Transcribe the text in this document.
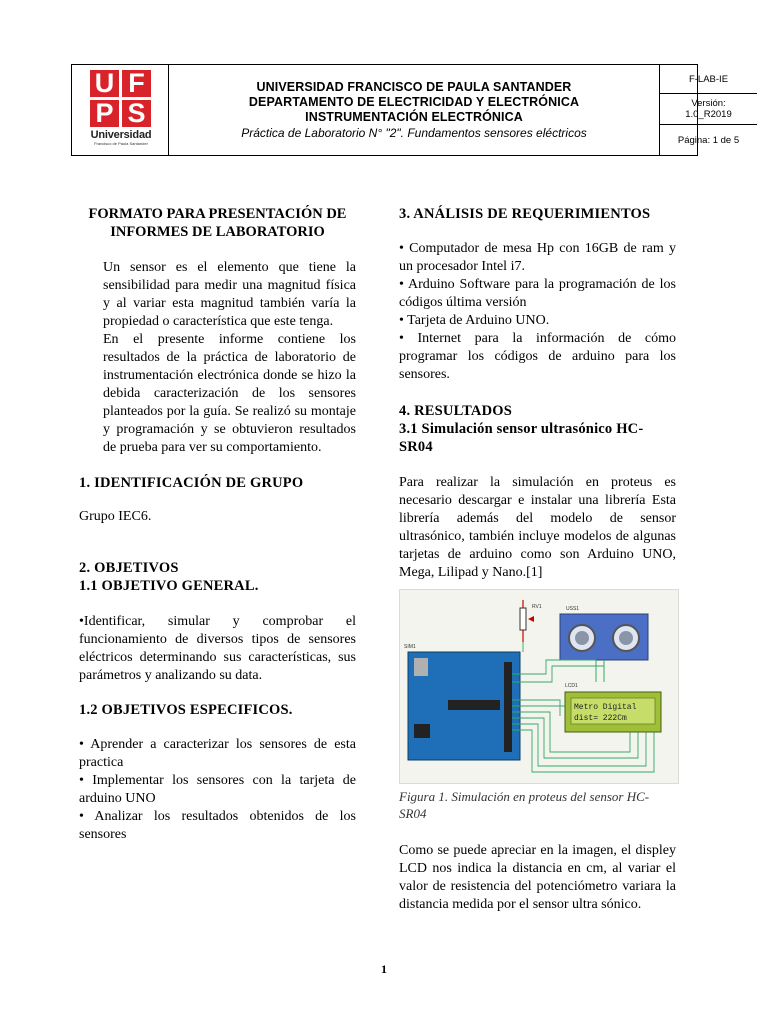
U F
P S
Universidad
Francisco de Paula Santander
UNIVERSIDAD FRANCISCO DE PAULA SANTANDER
DEPARTAMENTO DE ELECTRICIDAD Y ELECTRÓNICA
INSTRUMENTACIÓN ELECTRÓNICA
Práctica de Laboratorio N° "2". Fundamentos sensores eléctricos
F-LAB-IE
Versión:
1.0_R2019
Página: 1 de 5
FORMATO PARA PRESENTACIÓN DE
INFORMES DE LABORATORIO

Un sensor es el elemento que tiene la sensibilidad para medir una magnitud física y al variar esta magnitud también varía la propiedad o característica que este tenga.

En el presente informe contiene los resultados de la práctica de laboratorio de instrumentación electrónica donde se hizo la debida caracterización de los sensores planteados por la guía. Se realizó su montaje y programación y se obtuvieron resultados de prueba para ver su comportamiento.

1. IDENTIFICACIÓN DE GRUPO

Grupo IEC6.

2. OBJETIVOS
1.1 OBJETIVO GENERAL.

•Identificar, simular y comprobar el funcionamiento de diversos tipos de sensores eléctricos determinando sus características, sus parámetros y analizando su data.

1.2 OBJETIVOS ESPECIFICOS.

• Aprender a caracterizar los sensores de esta practica

• Implementar los sensores con la tarjeta de arduino UNO

• Analizar los resultados obtenidos de los sensores

3. ANÁLISIS DE REQUERIMIENTOS

• Computador de mesa Hp con 16GB de ram y un procesador Intel i7.

• Arduino Software para la programación de los códigos última versión

• Tarjeta de Arduino UNO.

• Internet para la información de cómo programar los códigos de arduino para los sensores.

4. RESULTADOS
3.1 Simulación sensor ultrasónico HC-
SR04

Para realizar la simulación en proteus es necesario descargar e instalar una librería Esta librería además del modelo de sensor ultrasónico, también incluye modelos de algunas tarjetas de arduino como son Arduino UNO, Mega, Lilipad y Nano.[1]

RV1	USS1
SIM1
Metro Digital
dist= 222Cm
LCD1
Figura 1. Simulación en proteus del sensor HC-SR04

Como se puede apreciar en la imagen, el displey LCD nos indica la distancia en cm, al variar el valor de resistencia del potenciómetro variara la distancia medida por el sensor ultra sónico.

1
